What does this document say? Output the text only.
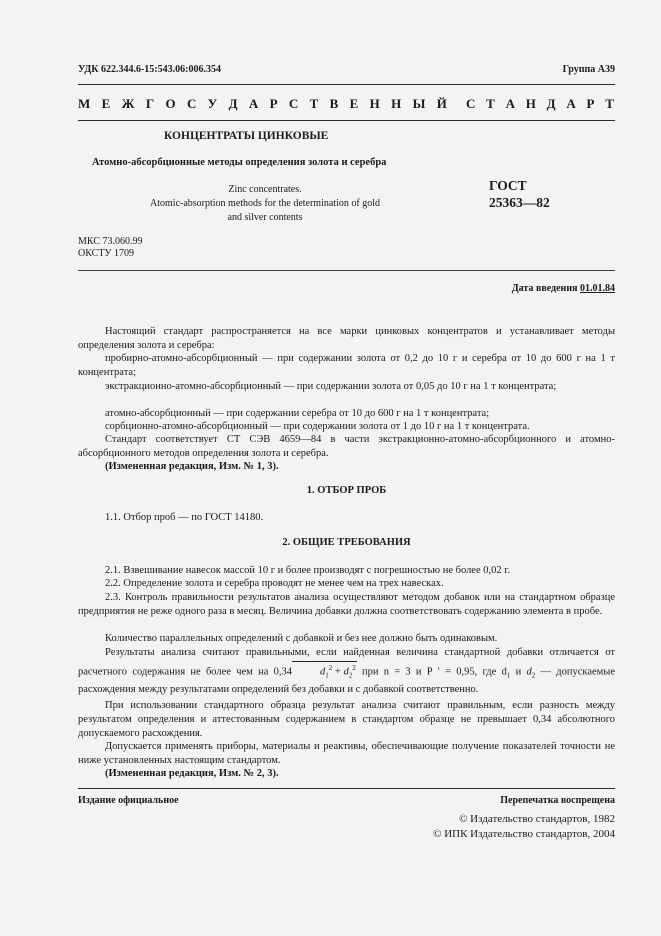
УДК 622.344.6-15:543.06:006.354	Группа А39
М Е Ж Г О С У Д А Р С Т В Е Н Н Ы Й С Т А Н Д А Р Т
КОНЦЕНТРАТЫ ЦИНКОВЫЕ
Атомно-абсорбционные методы определения золота и серебра
Zinc concentrates.
Atomic-absorption methods for the determination of gold
and silver contents
ГОСТ
25363—82
МКС 73.060.99
ОКСТУ 1709
Дата введения 01.01.84
Настоящий стандарт распространяется на все марки цинковых концентратов и устанавливает методы определения золота и серебра:
пробирно-атомно-абсорбционный — при содержании золота от 0,2 до 10 г и серебра от 10 до 600 г на 1 т концентрата;
экстракционно-атомно-абсорбционный — при содержании золота от 0,05 до 10 г на 1 т концентрата;
атомно-абсорбционный — при содержании серебра от 10 до 600 г на 1 т концентрата;
сорбционно-атомно-абсорбционный — при содержании золота от 1 до 10 г на 1 т концентрата.
Стандарт соответствует СТ СЭВ 4659—84 в части экстракционно-атомно-абсорбционного и атомно-абсорбционного методов определения золота и серебра.
(Измененная редакция, Изм. № 1, 3).
1. ОТБОР ПРОБ
1.1. Отбор проб — по ГОСТ 14180.
2. ОБЩИЕ ТРЕБОВАНИЯ
2.1. Взвешивание навесок массой 10 г и более производят с погрешностью не более 0,02 г.
2.2. Определение золота и серебра проводят не менее чем на трех навесках.
2.3. Контроль правильности результатов анализа осуществляют методом добавок или на стандартном образце предприятия не реже одного раза в месяц. Величина добавки должна соответствовать содержанию элемента в пробе.
Количество параллельных определений с добавкой и без нее должно быть одинаковым.
Результаты анализа считают правильными, если найденная величина стандартной добавки отличается от расчетного содержания не более чем на 0,34	$d_1^2 + d_2^2$ при n = 3 и P ′ = 0,95, где $d_1$ и $d_2$ — допускаемые расхождения между результатами определений без добавки и с добавкой соответственно.
При использовании стандартного образца результат анализа считают правильным, если разность между результатом определения и аттестованным содержанием в стандартом образце не превышает 0,34 абсолютного допускаемого расхождения.
Допускается применять приборы, материалы и реактивы, обеспечивающие получение показателей точности не ниже установленных настоящим стандартом.
(Измененная редакция, Изм. № 2, 3).
Издание официальное	Перепечатка воспрещена
© Издательство стандартов, 1982
© ИПК Издательство стандартов, 2004
